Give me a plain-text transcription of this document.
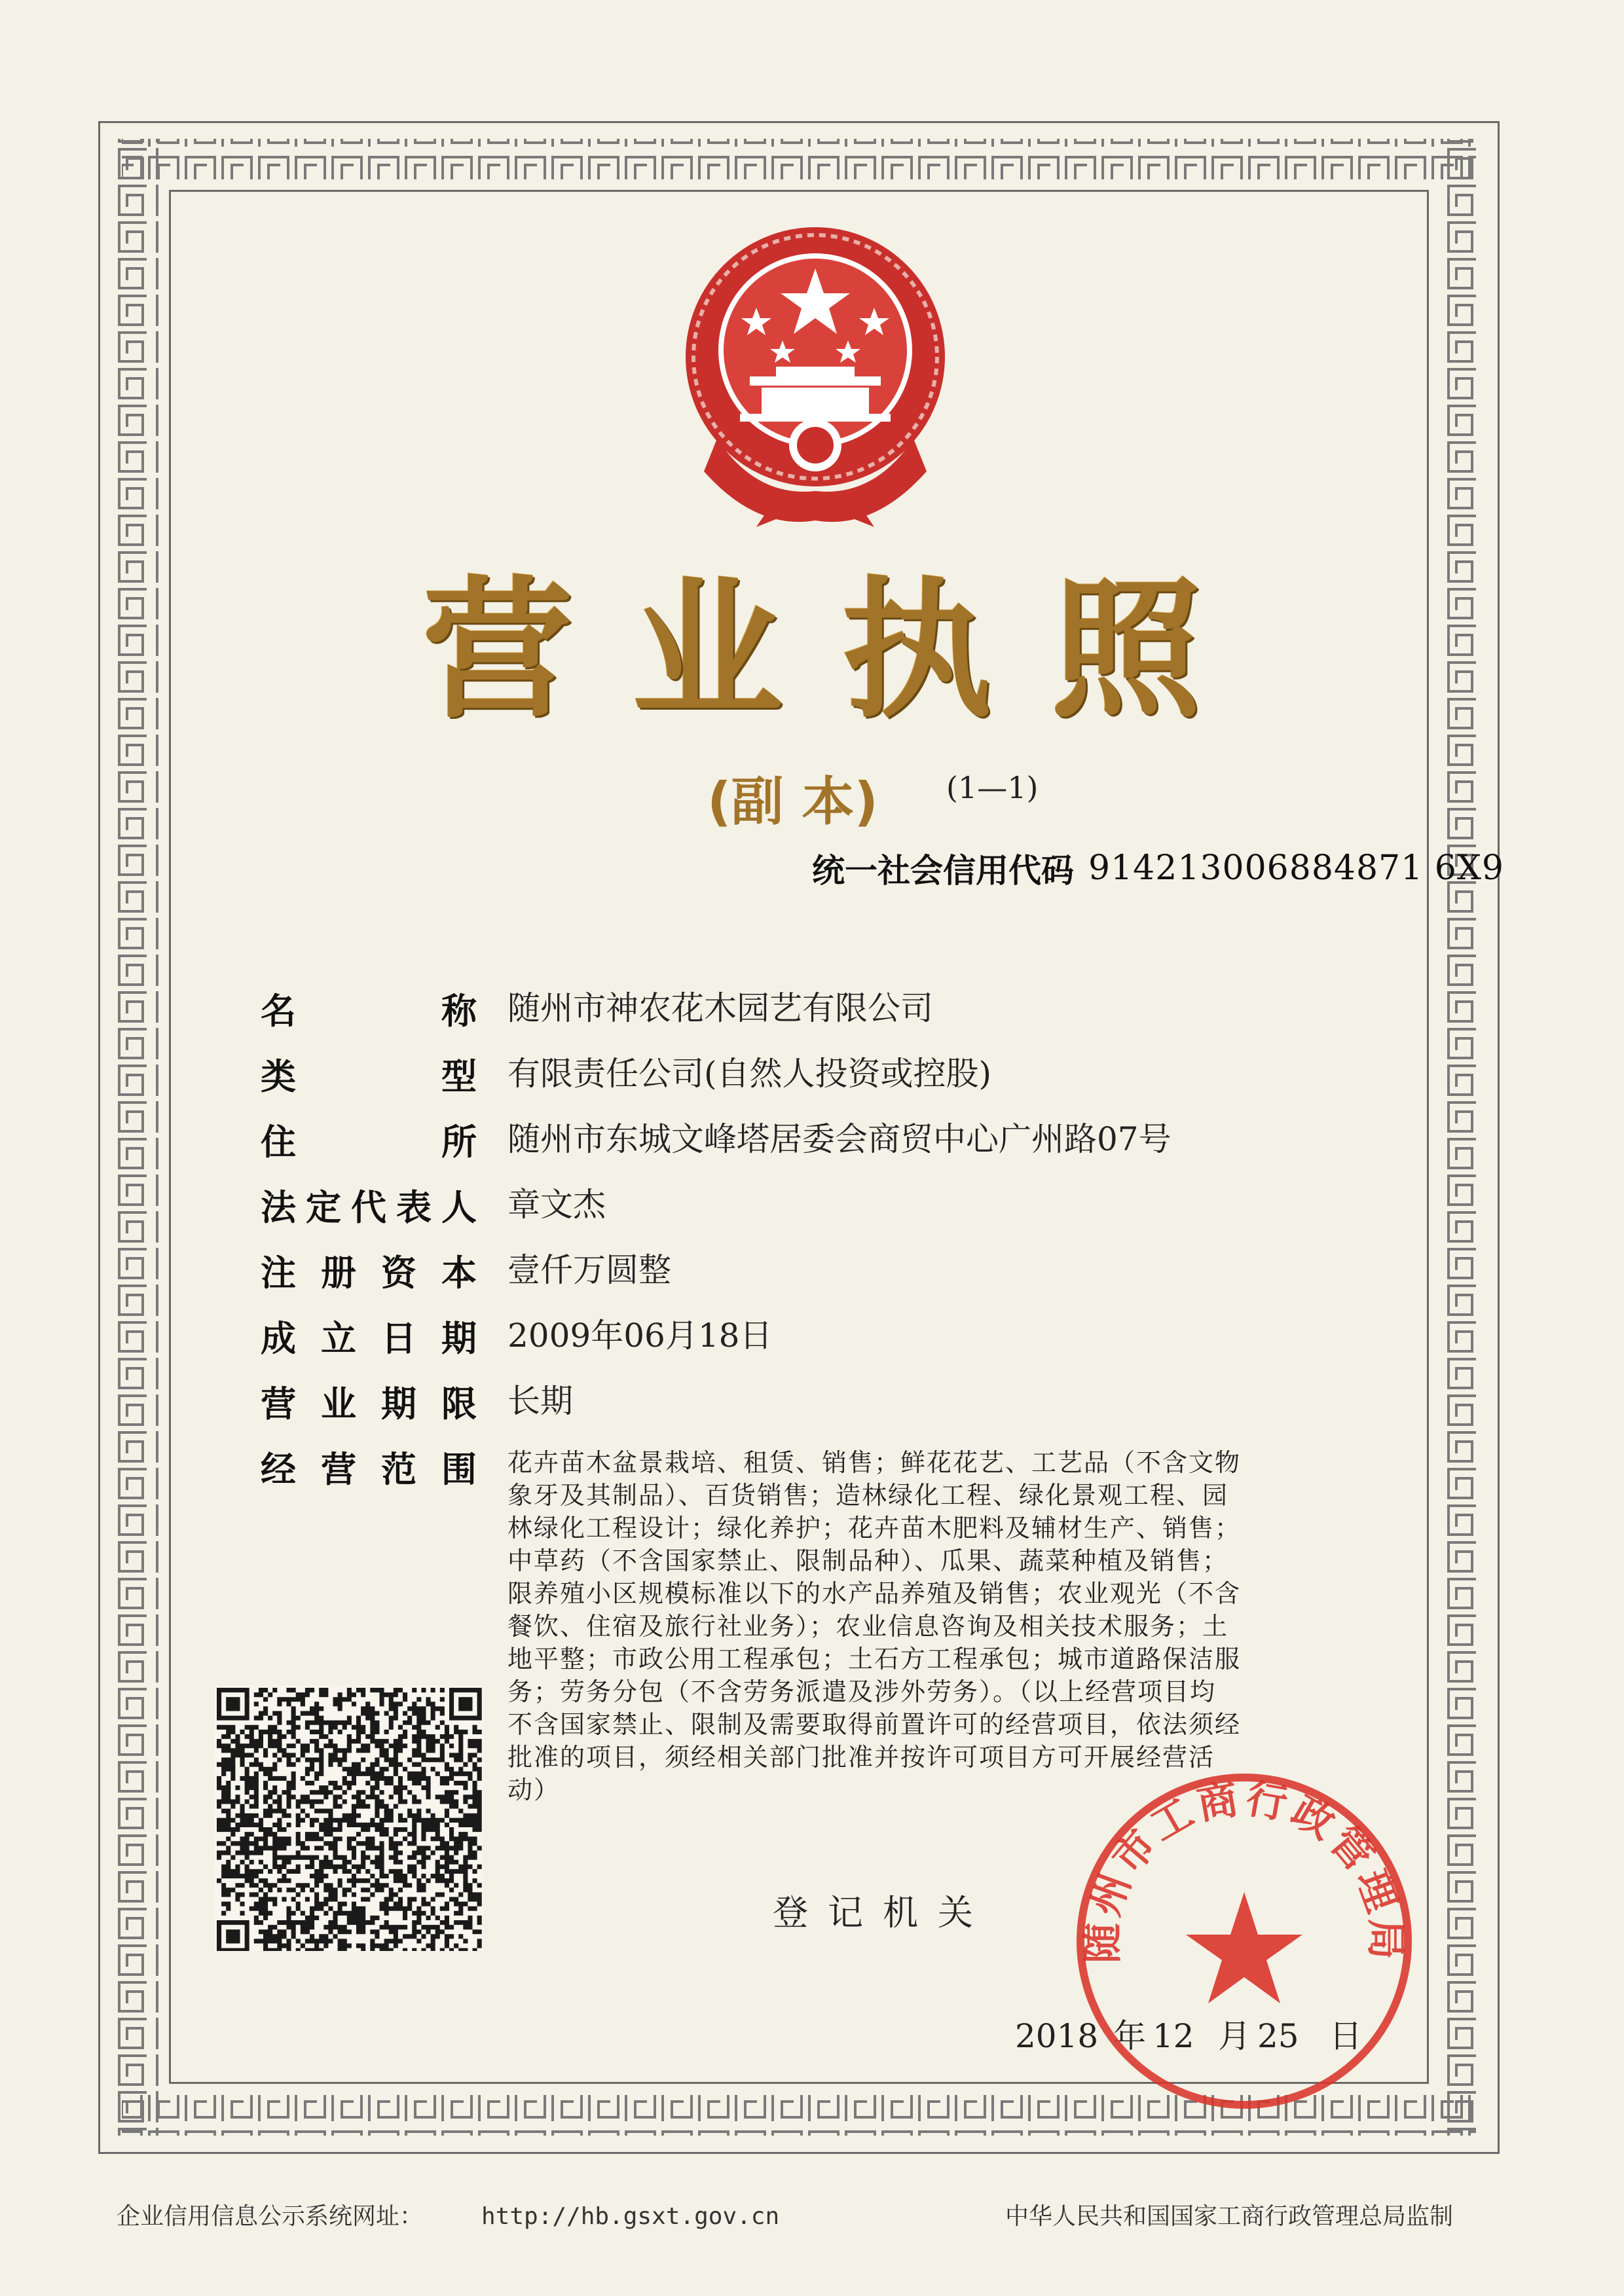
营业执照
(副 本) (1—1)
统一社会信用代码 914213006884871 6X9
名	称 随州市神农花木园艺有限公司
类	型 有限责任公司(自然人投资或控股)
住	所 随州市东城文峰塔居委会商贸中心广州路07号
法 定 代 表 人 章文杰
注 册 资 本 壹仟万圆整
成 立 日 期 2009年06月18日
营 业 期 限 长期
经 营 范 围 花卉苗木盆景栽培、租赁、销售；鲜花花艺、工艺品（不含文物
象牙及其制品）、百货销售；造林绿化工程、绿化景观工程、园
林绿化工程设计；绿化养护；花卉苗木肥料及辅材生产、销售；
中草药（不含国家禁止、限制品种）、瓜果、蔬菜种植及销售；
限养殖小区规模标准以下的水产品养殖及销售；农业观光（不含
餐饮、住宿及旅行社业务）；农业信息咨询及相关技术服务；土
地平整；市政公用工程承包；土石方工程承包；城市道路保洁服
务；劳务分包（不含劳务派遣及涉外劳务）。（以上经营项目均
不含国家禁止、限制及需要取得前置许可的经营项目，依法须经
批准的项目，须经相关部门批准并按许可项目方可开展经营活
动）
登记机关
2018 年 12 月 25 日
随州市工商行政管理局
企业信用信息公示系统网址： http://hb.gsxt.gov.cn	中华人民共和国国家工商行政管理总局监制
